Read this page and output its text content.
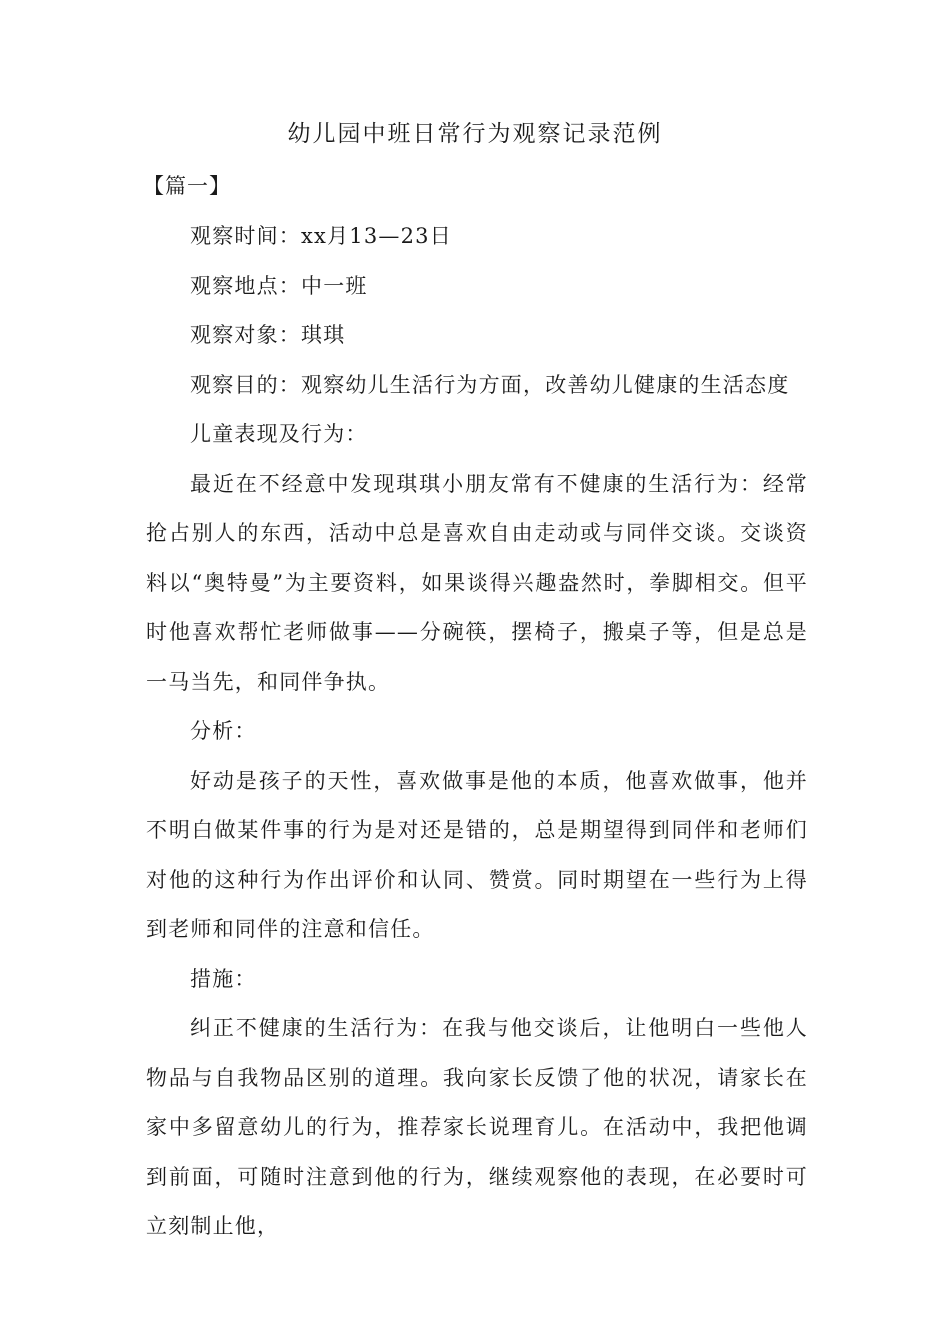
幼儿园中班日常行为观察记录范例
【篇一】

观察时间：xx月13—23日

观察地点：中一班

观察对象：琪琪

观察目的：观察幼儿生活行为方面，改善幼儿健康的生活态度

儿童表现及行为：

最近在不经意中发现琪琪小朋友常有不健康的生活行为：经常抢占别人的东西，活动中总是喜欢自由走动或与同伴交谈。交谈资料以“奥特曼”为主要资料，如果谈得兴趣盎然时，拳脚相交。但平时他喜欢帮忙老师做事——分碗筷，摆椅子，搬桌子等，但是总是一马当先，和同伴争执。

分析：

好动是孩子的天性，喜欢做事是他的本质，他喜欢做事，他并不明白做某件事的行为是对还是错的，总是期望得到同伴和老师们对他的这种行为作出评价和认同、赞赏。同时期望在一些行为上得到老师和同伴的注意和信任。

措施：

纠正不健康的生活行为：在我与他交谈后，让他明白一些他人物品与自我物品区别的道理。我向家长反馈了他的状况，请家长在家中多留意幼儿的行为，推荐家长说理育儿。在活动中，我把他调到前面，可随时注意到他的行为，继续观察他的表现，在必要时可立刻制止他，
